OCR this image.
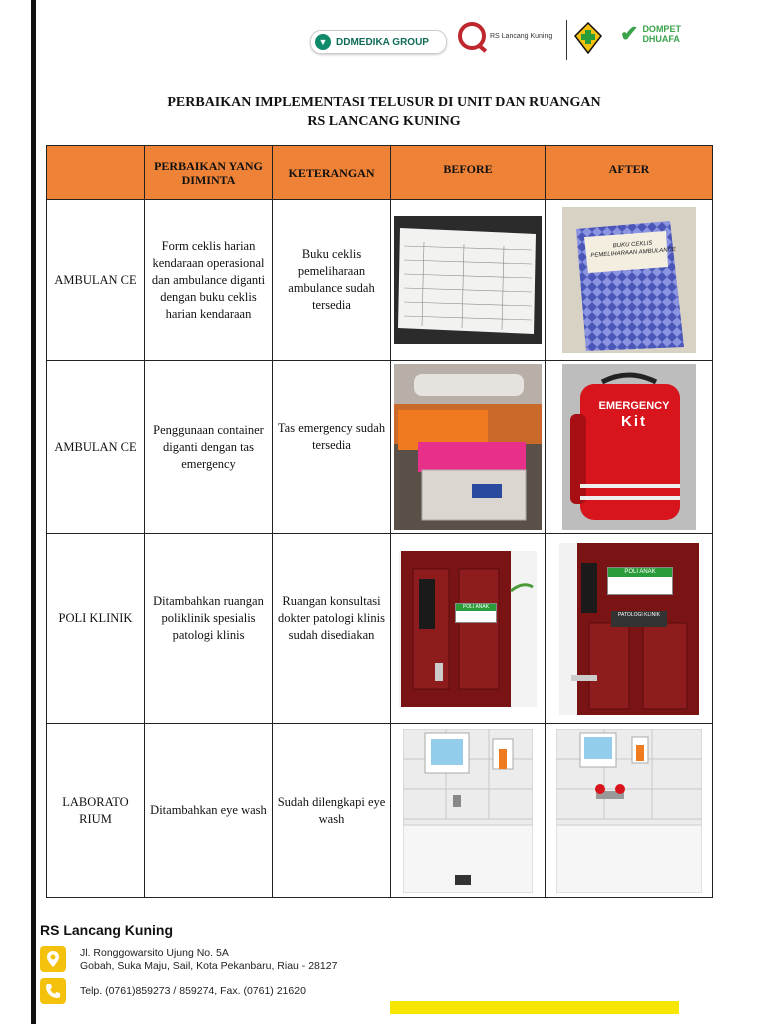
▼ DDMEDIKA GROUP
RS Lancang Kuning	✔ DOMPET
DHUAFA
PERBAIKAN IMPLEMENTASI TELUSUR DI UNIT DAN RUANGAN
RS LANCANG KUNING
	PERBAIKAN YANG DIMINTA	KETERANGAN	BEFORE	AFTER
AMBULAN CE	Form ceklis harian kendaraan operasional dan ambulance diganti dengan buku ceklis harian kendaraan	Buku ceklis pemeliharaan ambulance sudah tersedia		BUKU CEKLIS
PEMELIHARAAN AMBULANCE

AMBULAN CE	Penggunaan container diganti dengan tas emergency	Tas emergency sudah tersedia		EMERGENCY
Kit

POLI KLINIK	Ditambahkan ruangan poliklinik spesialis patologi klinis	Ruangan konsultasi dokter patologi klinis sudah disediakan	POLI ANAK	POLI ANAK
PATOLOGI KLINIK

LABORATO RIUM	Ditambahkan eye wash	Sudah dilengkapi eye wash	

RS Lancang Kuning
Jl. Ronggowarsito Ujung No. 5A
Gobah, Suka Maju, Sail, Kota Pekanbaru, Riau - 28127
Telp. (0761)859273 / 859274, Fax. (0761) 21620
